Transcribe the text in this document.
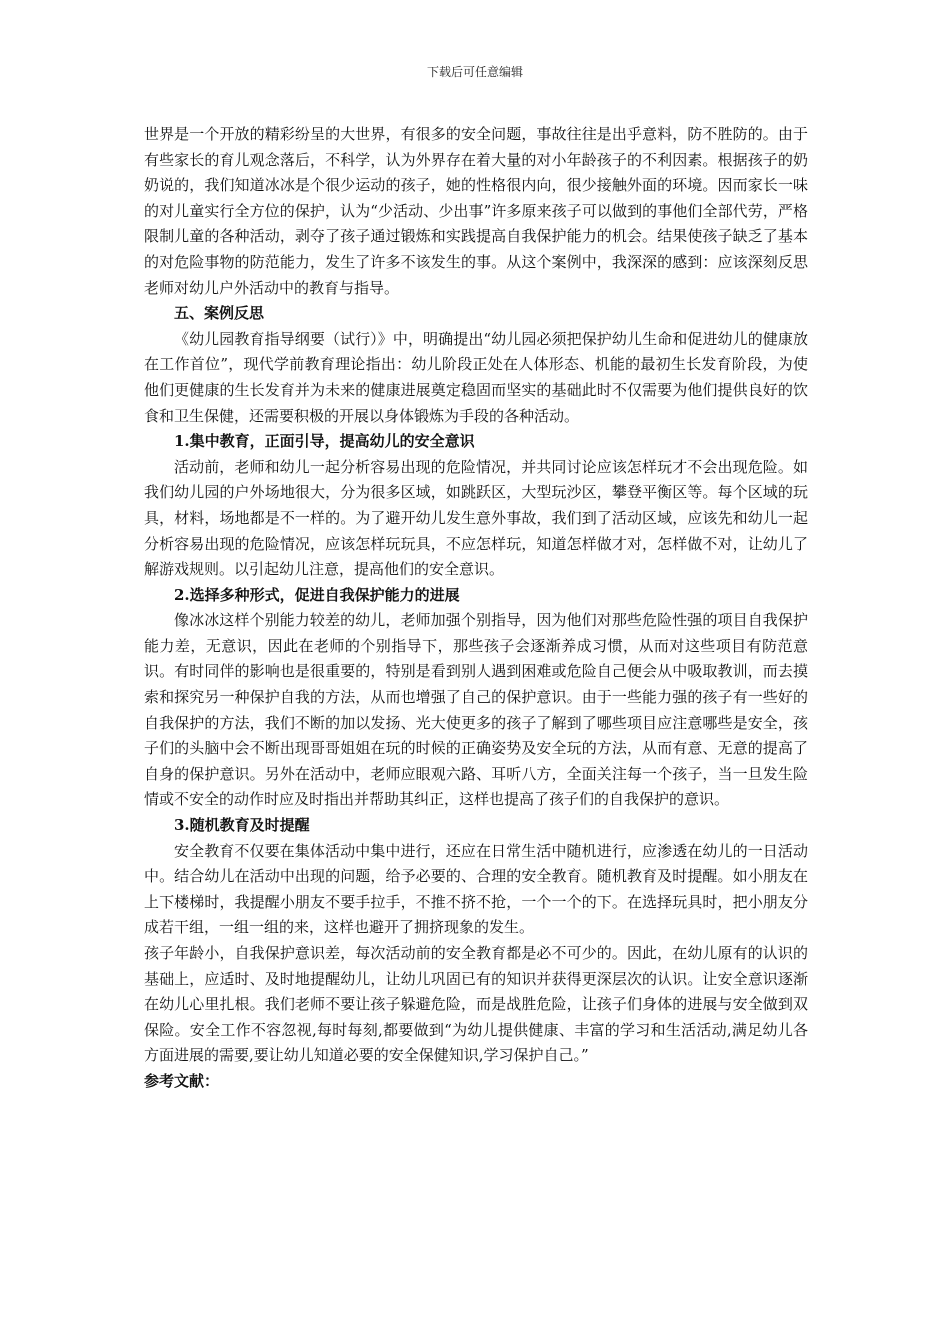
下载后可任意编辑

世界是一个开放的精彩纷呈的大世界，有很多的安全问题，事故往往是出乎意料，防不胜防的。由于有些家长的育儿观念落后，不科学，认为外界存在着大量的对小年龄孩子的不利因素。根据孩子的奶奶说的，我们知道冰冰是个很少运动的孩子，她的性格很内向，很少接触外面的环境。因而家长一味的对儿童实行全方位的保护，认为“少活动、少出事”许多原来孩子可以做到的事他们全部代劳，严格限制儿童的各种活动，剥夺了孩子通过锻炼和实践提高自我保护能力的机会。结果使孩子缺乏了基本的对危险事物的防范能力，发生了许多不该发生的事。从这个案例中，我深深的感到：应该深刻反思老师对幼儿户外活动中的教育与指导。

五、案例反思

《幼儿园教育指导纲要（试行）》中，明确提出“幼儿园必须把保护幼儿生命和促进幼儿的健康放在工作首位”，现代学前教育理论指出：幼儿阶段正处在人体形态、机能的最初生长发育阶段，为使他们更健康的生长发育并为未来的健康进展奠定稳固而坚实的基础此时不仅需要为他们提供良好的饮食和卫生保健，还需要积极的开展以身体锻炼为手段的各种活动。

1.集中教育，正面引导，提高幼儿的安全意识

活动前，老师和幼儿一起分析容易出现的危险情况，并共同讨论应该怎样玩才不会出现危险。如我们幼儿园的户外场地很大，分为很多区域，如跳跃区，大型玩沙区，攀登平衡区等。每个区域的玩具，材料，场地都是不一样的。为了避开幼儿发生意外事故，我们到了活动区域，应该先和幼儿一起分析容易出现的危险情况，应该怎样玩玩具，不应怎样玩，知道怎样做才对，怎样做不对，让幼儿了解游戏规则。以引起幼儿注意，提高他们的安全意识。

2.选择多种形式，促进自我保护能力的进展

像冰冰这样个别能力较差的幼儿，老师加强个别指导，因为他们对那些危险性强的项目自我保护能力差，无意识，因此在老师的个别指导下，那些孩子会逐渐养成习惯，从而对这些项目有防范意识。有时同伴的影响也是很重要的，特别是看到别人遇到困难或危险自己便会从中吸取教训，而去摸索和探究另一种保护自我的方法，从而也增强了自己的保护意识。由于一些能力强的孩子有一些好的自我保护的方法，我们不断的加以发扬、光大使更多的孩子了解到了哪些项目应注意哪些是安全，孩子们的头脑中会不断出现哥哥姐姐在玩的时候的正确姿势及安全玩的方法，从而有意、无意的提高了自身的保护意识。另外在活动中，老师应眼观六路、耳听八方，全面关注每一个孩子，当一旦发生险情或不安全的动作时应及时指出并帮助其纠正，这样也提高了孩子们的自我保护的意识。

3.随机教育及时提醒

安全教育不仅要在集体活动中集中进行，还应在日常生活中随机进行，应渗透在幼儿的一日活动中。结合幼儿在活动中出现的问题，给予必要的、合理的安全教育。随机教育及时提醒。如小朋友在上下楼梯时，我提醒小朋友不要手拉手，不推不挤不抢，一个一个的下。在选择玩具时，把小朋友分成若干组，一组一组的来，这样也避开了拥挤现象的发生。

孩子年龄小，自我保护意识差，每次活动前的安全教育都是必不可少的。因此，在幼儿原有的认识的基础上，应适时、及时地提醒幼儿，让幼儿巩固已有的知识并获得更深层次的认识。让安全意识逐渐在幼儿心里扎根。我们老师不要让孩子躲避危险，而是战胜危险，让孩子们身体的进展与安全做到双保险。安全工作不容忽视,每时每刻,都要做到“为幼儿提供健康、丰富的学习和生活活动,满足幼儿各方面进展的需要,要让幼儿知道必要的安全保健知识,学习保护自己。”

参考文献：
